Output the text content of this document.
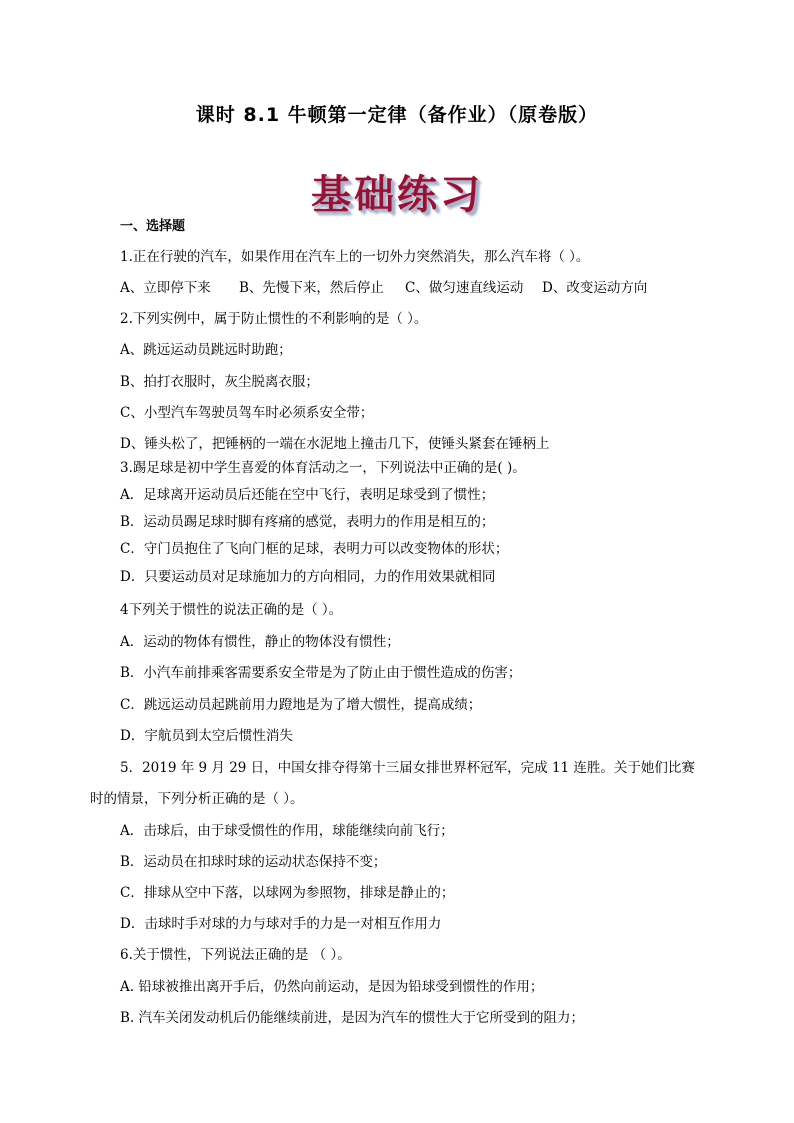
课时 8.1 牛顿第一定律（备作业）（原卷版）
基础练习
一、选择题
1.正在行驶的汽车，如果作用在汽车上的一切外力突然消失，那么汽车将（ ）。
A、立即停下来 B、先慢下来，然后停止 C、做匀速直线运动 D、改变运动方向
2.下列实例中，属于防止惯性的不利影响的是（ ）。
A、跳远运动员跳远时助跑；
B、拍打衣服时，灰尘脱离衣服；
C、小型汽车驾驶员驾车时必须系安全带；
D、锤头松了，把锤柄的一端在水泥地上撞击几下，使锤头紧套在锤柄上
3.踢足球是初中学生喜爱的体育活动之一，下列说法中正确的是( )。
A．足球离开运动员后还能在空中飞行，表明足球受到了惯性；
B．运动员踢足球时脚有疼痛的感觉，表明力的作用是相互的；
C．守门员抱住了飞向门框的足球，表明力可以改变物体的形状；
D．只要运动员对足球施加力的方向相同，力的作用效果就相同
4下列关于惯性的说法正确的是（ ）。
A．运动的物体有惯性，静止的物体没有惯性；
B．小汽车前排乘客需要系安全带是为了防止由于惯性造成的伤害；
C．跳远运动员起跳前用力蹬地是为了增大惯性，提高成绩；
D．宇航员到太空后惯性消失
5．2019 年 9 月 29 日，中国女排夺得第十三届女排世界杯冠军，完成 11 连胜。关于她们比赛
时的情景，下列分析正确的是（ ）。
A．击球后，由于球受惯性的作用，球能继续向前飞行；
B．运动员在扣球时球的运动状态保持不变；
C．排球从空中下落，以球网为参照物，排球是静止的；
D．击球时手对球的力与球对手的力是一对相互作用力
6.关于惯性，下列说法正确的是 （ ）。
A. 铅球被推出离开手后，仍然向前运动，是因为铅球受到惯性的作用；
B. 汽车关闭发动机后仍能继续前进，是因为汽车的惯性大于它所受到的阻力；
